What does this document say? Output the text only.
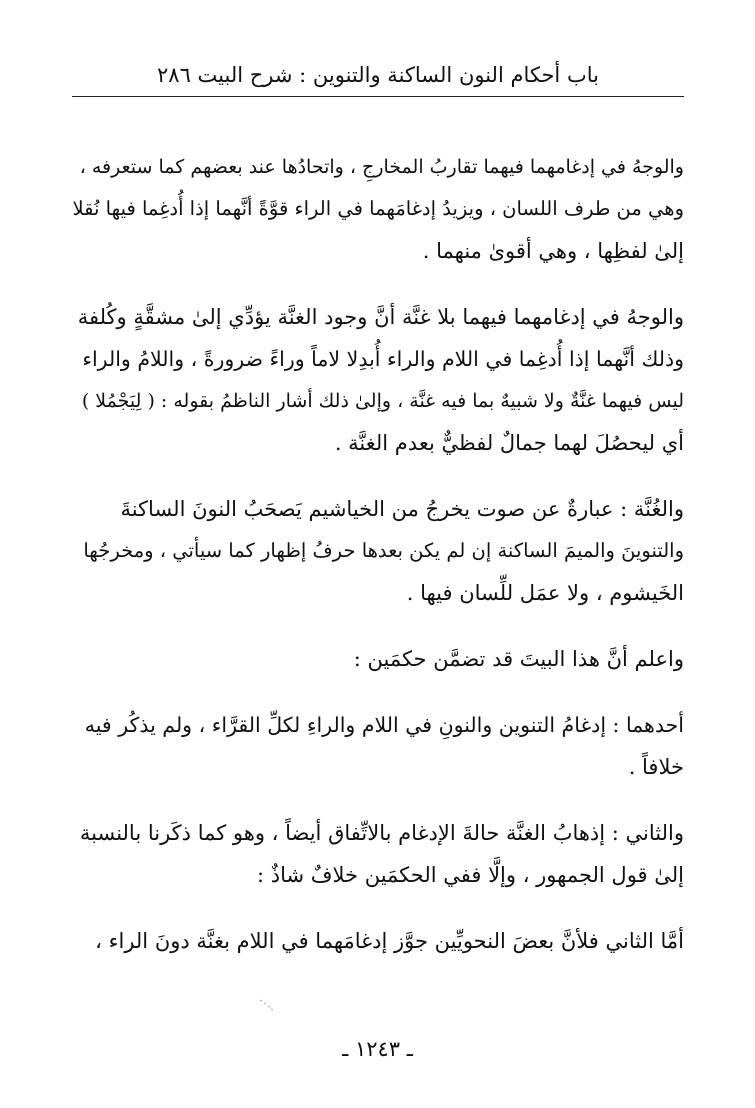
باب أحكام النون الساكنة والتنوين : شرح البيت ٢٨٦
والوجهُ في إدغامهما فيهما تقاربُ المخارجِ ، واتحادُها عند بعضهم كما ستعرفه ،
وهي من طرف اللسان ، ويزيدُ إدغامَهما في الراء قوَّةً أنَّهما إذا أُدغِما فيها نُقلا
إلىٰ لفظِها ، وهي أقوىٰ منهما .
والوجهُ في إدغامهما فيهما بلا غنَّة أنَّ وجود الغنَّة يؤدِّي إلىٰ مشقَّةٍ وكُلفة
وذلك أنَّهما إذا أُدغِما في اللام والراء أُبدِلا لاماً وراءً ضرورةً ، واللامُ والراء
ليس فيهما غنَّةٌ ولا شبيهٌ بما فيه غنَّة ، وإلىٰ ذلك أشار الناظمُ بقوله : ( لِيَجْمُلا )
أي ليحصُلَ لهما جمالٌ لفظيٌّ بعدم الغنَّة .
والغُنَّة : عبارةٌ عن صوت يخرجُ من الخياشيم يَصحَبُ النونَ الساكنةَ
والتنوينَ والميمَ الساكنة إن لم يكن بعدها حرفُ إظهار كما سيأتي ، ومخرجُها
الخَيشوم ، ولا عمَل للِّسان فيها .
واعلم أنَّ هذا البيتَ قد تضمَّن حكمَين :
أحدهما : إدغامُ التنوين والنونِ في اللام والراءِ لكلِّ القرَّاء ، ولم يذكُر فيه
خلافاً .
والثاني : إذهابُ الغنَّة حالةَ الإدغام بالاتِّفاق أيضاً ، وهو كما ذكَرنا بالنسبة
إلىٰ قول الجمهور ، وإلَّا ففي الحكمَين خلافٌ شاذٌ :
أمَّا الثاني فلأنَّ بعضَ النحويِّين جوَّز إدغامَهما في اللام بغنَّة دونَ الراء ،
ـ ١٢٤٣ ـ
